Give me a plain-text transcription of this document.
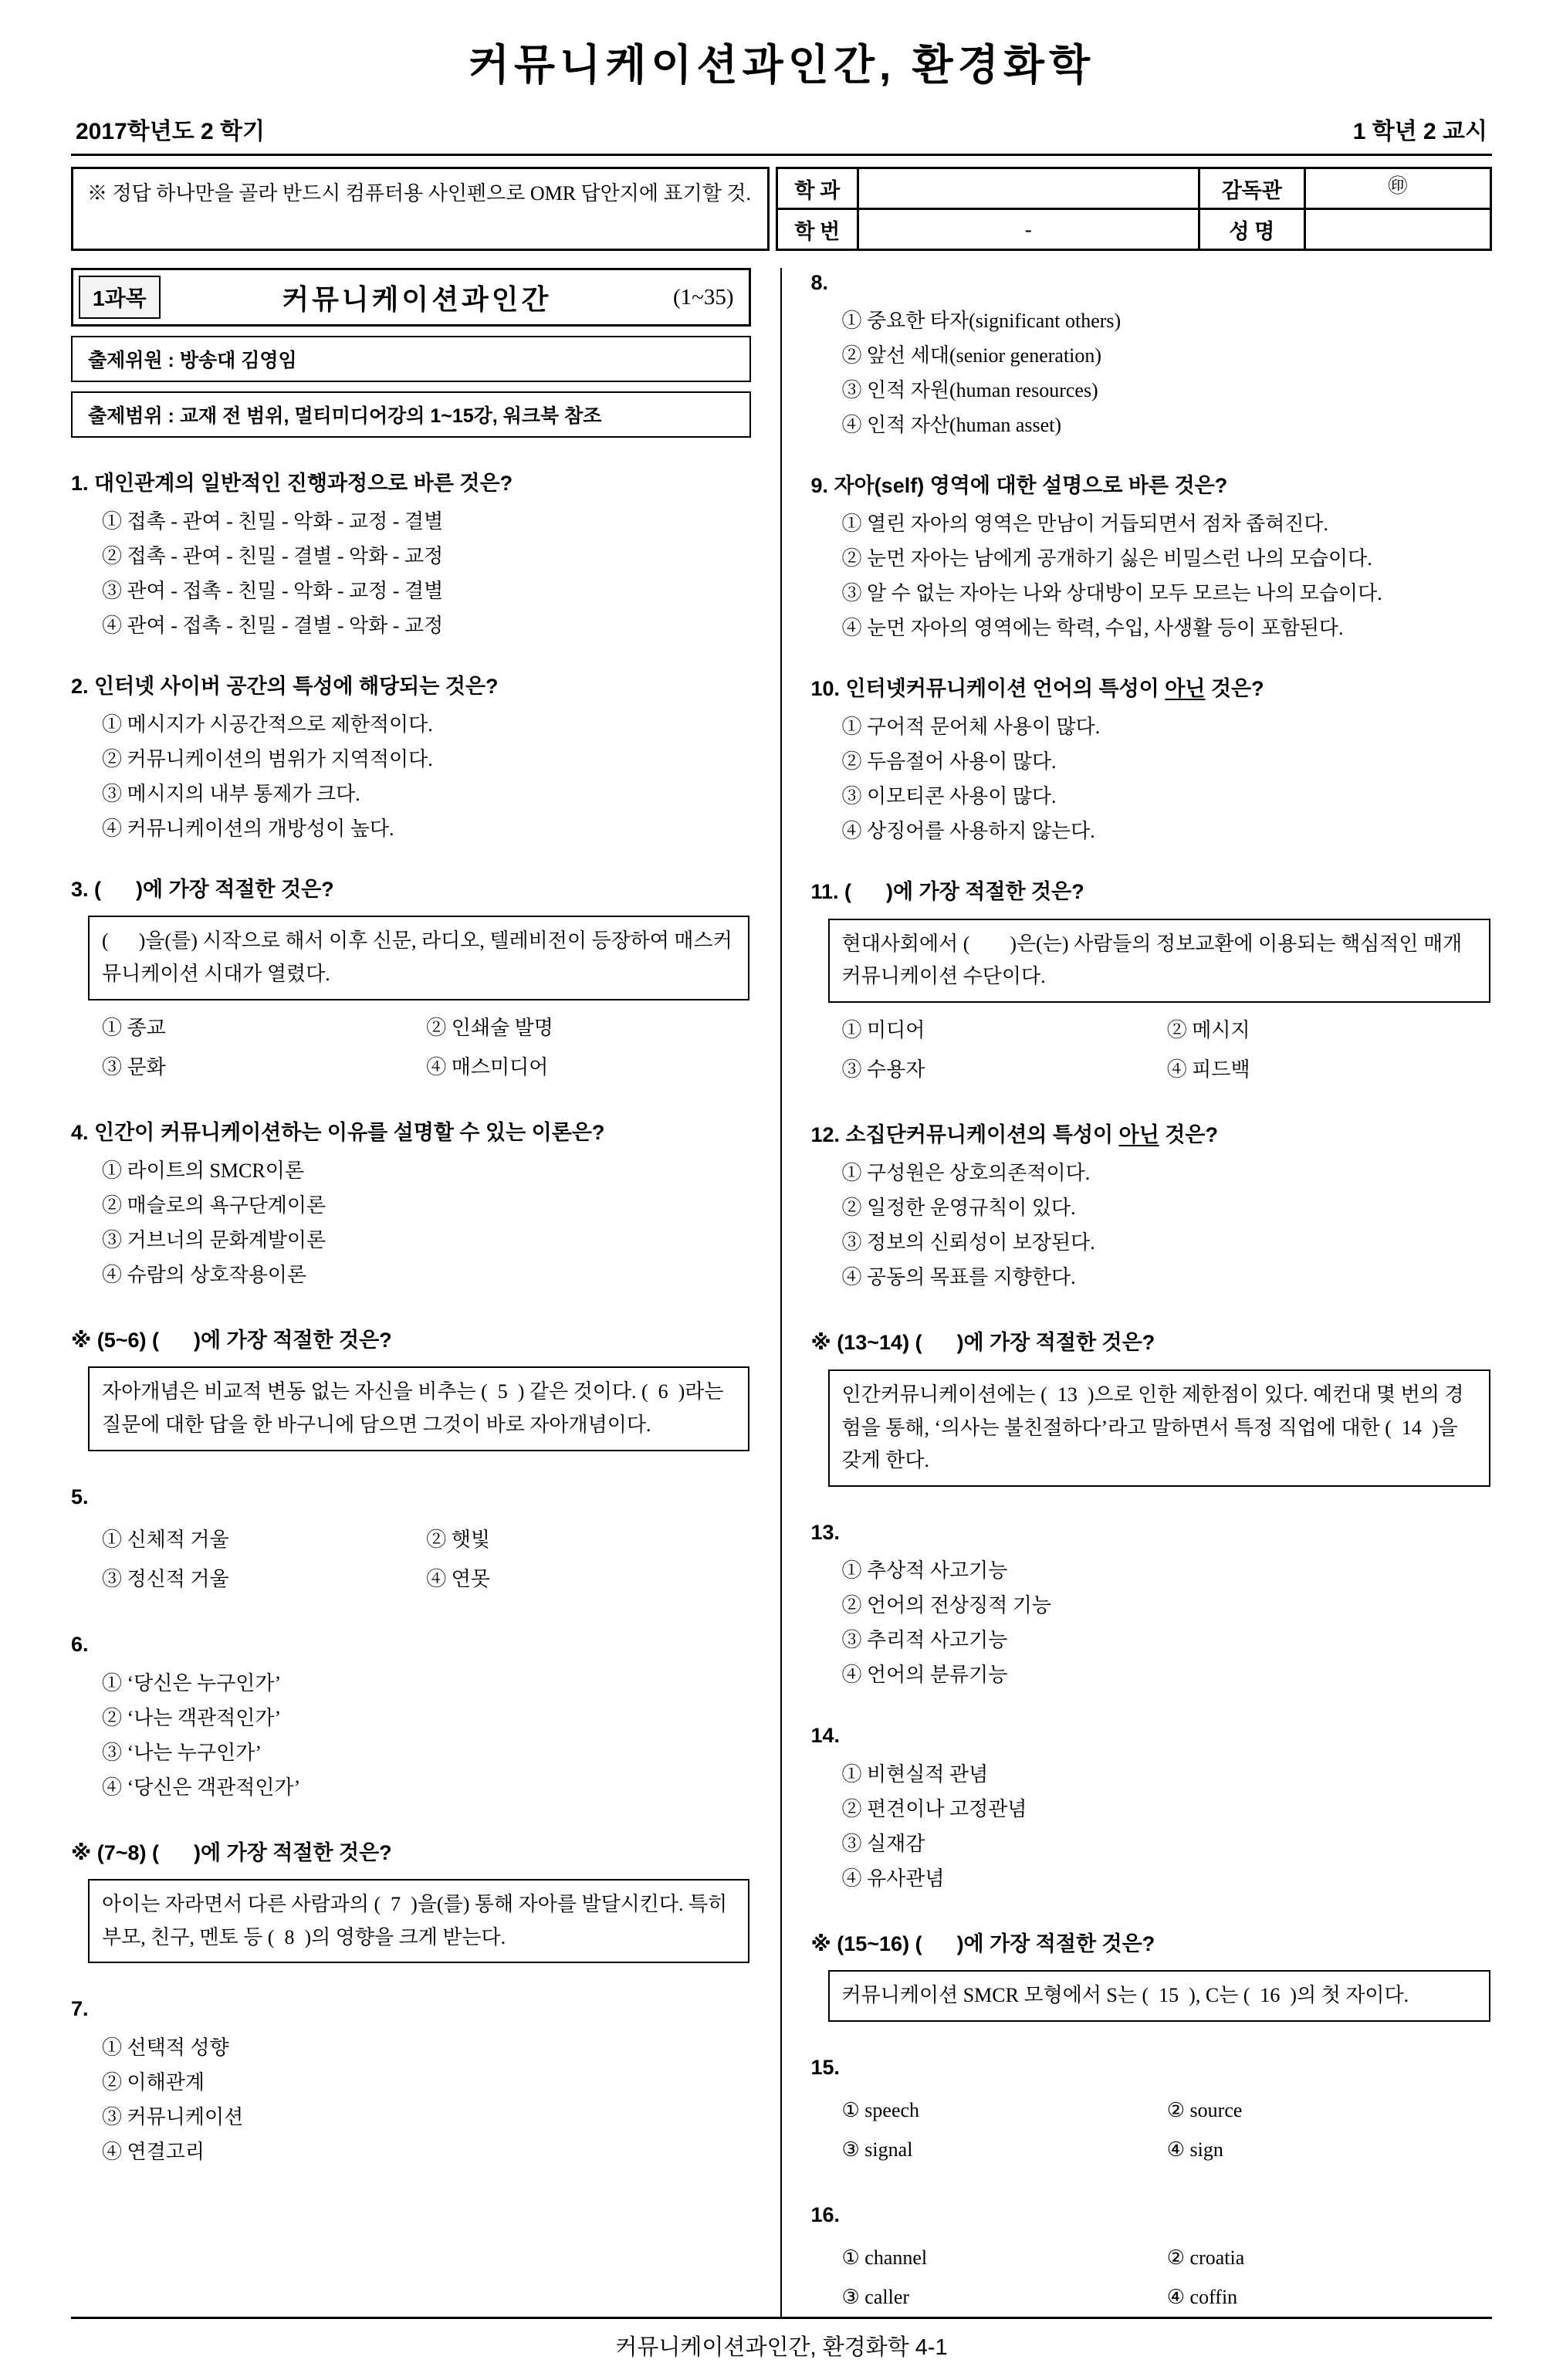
커뮤니케이션과인간, 환경화학
2017학년도 2 학기	1 학년 2 교시
※ 정답 하나만을 골라 반드시 컴퓨터용 사인펜으로 OMR 답안지에 표기할 것. 학 과		감독관	㊞
학 번	-	성 명	
1과목	커뮤니케이션과인간	(1~35)
출제위원 : 방송대 김영임
출제범위 : 교재 전 범위, 멀티미디어강의 1~15강, 워크북 참조
1. 대인관계의 일반적인 진행과정으로 바른 것은?
① 접촉 - 관여 - 친밀 - 악화 - 교정 - 결별
② 접촉 - 관여 - 친밀 - 결별 - 악화 - 교정
③ 관여 - 접촉 - 친밀 - 악화 - 교정 - 결별
④ 관여 - 접촉 - 친밀 - 결별 - 악화 - 교정
2. 인터넷 사이버 공간의 특성에 해당되는 것은?
① 메시지가 시공간적으로 제한적이다.
② 커뮤니케이션의 범위가 지역적이다.
③ 메시지의 내부 통제가 크다.
④ 커뮤니케이션의 개방성이 높다.
3. (      )에 가장 적절한 것은?
(      )을(를) 시작으로 해서 이후 신문, 라디오, 텔레비전이 등장하여 매스커뮤니케이션 시대가 열렸다.
① 종교	② 인쇄술 발명
③ 문화	④ 매스미디어
4. 인간이 커뮤니케이션하는 이유를 설명할 수 있는 이론은?
① 라이트의 SMCR이론
② 매슬로의 욕구단계이론
③ 거브너의 문화계발이론
④ 슈람의 상호작용이론
※ (5~6) (      )에 가장 적절한 것은?
자아개념은 비교적 변동 없는 자신을 비추는 (  5  ) 같은 것이다. (  6  )라는 질문에 대한 답을 한 바구니에 담으면 그것이 바로 자아개념이다.
5.
① 신체적 거울	② 햇빛
③ 정신적 거울	④ 연못
6.
① ‘당신은 누구인가’
② ‘나는 객관적인가’
③ ‘나는 누구인가’
④ ‘당신은 객관적인가’
※ (7~8) (      )에 가장 적절한 것은?
아이는 자라면서 다른 사람과의 (  7  )을(를) 통해 자아를 발달시킨다. 특히 부모, 친구, 멘토 등 (  8  )의 영향을 크게 받는다.
7.
① 선택적 성향
② 이해관계
③ 커뮤니케이션
④ 연결고리
8.
① 중요한 타자(significant others)
② 앞선 세대(senior generation)
③ 인적 자원(human resources)
④ 인적 자산(human asset)
9. 자아(self) 영역에 대한 설명으로 바른 것은?
① 열린 자아의 영역은 만남이 거듭되면서 점차 좁혀진다.
② 눈먼 자아는 남에게 공개하기 싫은 비밀스런 나의 모습이다.
③ 알 수 없는 자아는 나와 상대방이 모두 모르는 나의 모습이다.
④ 눈먼 자아의 영역에는 학력, 수입, 사생활 등이 포함된다.
10. 인터넷커뮤니케이션 언어의 특성이 아닌 것은?
① 구어적 문어체 사용이 많다.
② 두음절어 사용이 많다.
③ 이모티콘 사용이 많다.
④ 상징어를 사용하지 않는다.
11. (      )에 가장 적절한 것은?
현대사회에서 (        )은(는) 사람들의 정보교환에 이용되는 핵심적인 매개커뮤니케이션 수단이다.
① 미디어	② 메시지
③ 수용자	④ 피드백
12. 소집단커뮤니케이션의 특성이 아닌 것은?
① 구성원은 상호의존적이다.
② 일정한 운영규칙이 있다.
③ 정보의 신뢰성이 보장된다.
④ 공동의 목표를 지향한다.
※ (13~14) (      )에 가장 적절한 것은?
인간커뮤니케이션에는 (  13  )으로 인한 제한점이 있다. 예컨대 몇 번의 경험을 통해, ‘의사는 불친절하다’라고 말하면서 특정 직업에 대한 (  14  )을 갖게 한다.
13.
① 추상적 사고기능
② 언어의 전상징적 기능
③ 추리적 사고기능
④ 언어의 분류기능
14.
① 비현실적 관념
② 편견이나 고정관념
③ 실재감
④ 유사관념
※ (15~16) (      )에 가장 적절한 것은?
커뮤니케이션 SMCR 모형에서 S는 (  15  ), C는 (  16  )의 첫 자이다.
15.
① speech	② source
③ signal	④ sign
16.
① channel	② croatia
③ caller	④ coffin
커뮤니케이션과인간, 환경화학 4-1
